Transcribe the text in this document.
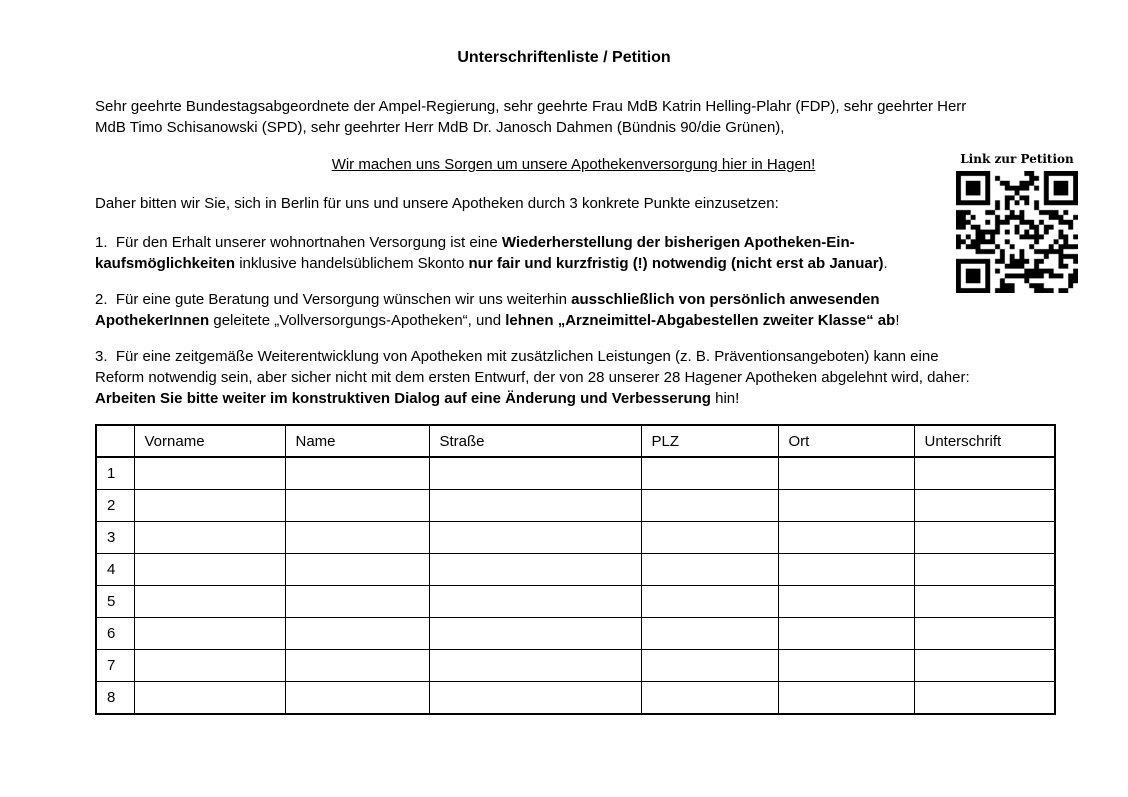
Unterschriftenliste / Petition
Sehr geehrte Bundestagsabgeordnete der Ampel-Regierung, sehr geehrte Frau MdB Katrin Helling-Plahr (FDP), sehr geehrter Herr
MdB Timo Schisanowski (SPD), sehr geehrter Herr MdB Dr. Janosch Dahmen (Bündnis 90/die Grünen),
Wir machen uns Sorgen um unsere Apothekenversorgung hier in Hagen!	Link zur Petition
Daher bitten wir Sie, sich in Berlin für uns und unsere Apotheken durch 3 konkrete Punkte einzusetzen:
1.  Für den Erhalt unserer wohnortnahen Versorgung ist eine Wiederherstellung der bisherigen Apotheken-Ein-
kaufsmöglichkeiten inklusive handelsüblichem Skonto nur fair und kurzfristig (!) notwendig (nicht erst ab Januar).
2.  Für eine gute Beratung und Versorgung wünschen wir uns weiterhin ausschließlich von persönlich anwesenden
ApothekerInnen geleitete „Vollversorgungs-Apotheken“, und lehnen „Arzneimittel-Abgabestellen zweiter Klasse“ ab!
3.  Für eine zeitgemäße Weiterentwicklung von Apotheken mit zusätzlichen Leistungen (z. B. Präventionsangeboten) kann eine
Reform notwendig sein, aber sicher nicht mit dem ersten Entwurf, der von 28 unserer 28 Hagener Apotheken abgelehnt wird, daher:
Arbeiten Sie bitte weiter im konstruktiven Dialog auf eine Änderung und Verbesserung hin!
	Vorname	Name	Straße	PLZ	Ort	Unterschrift
1						
2						
3						
4						
5						
6						
7						
8						
